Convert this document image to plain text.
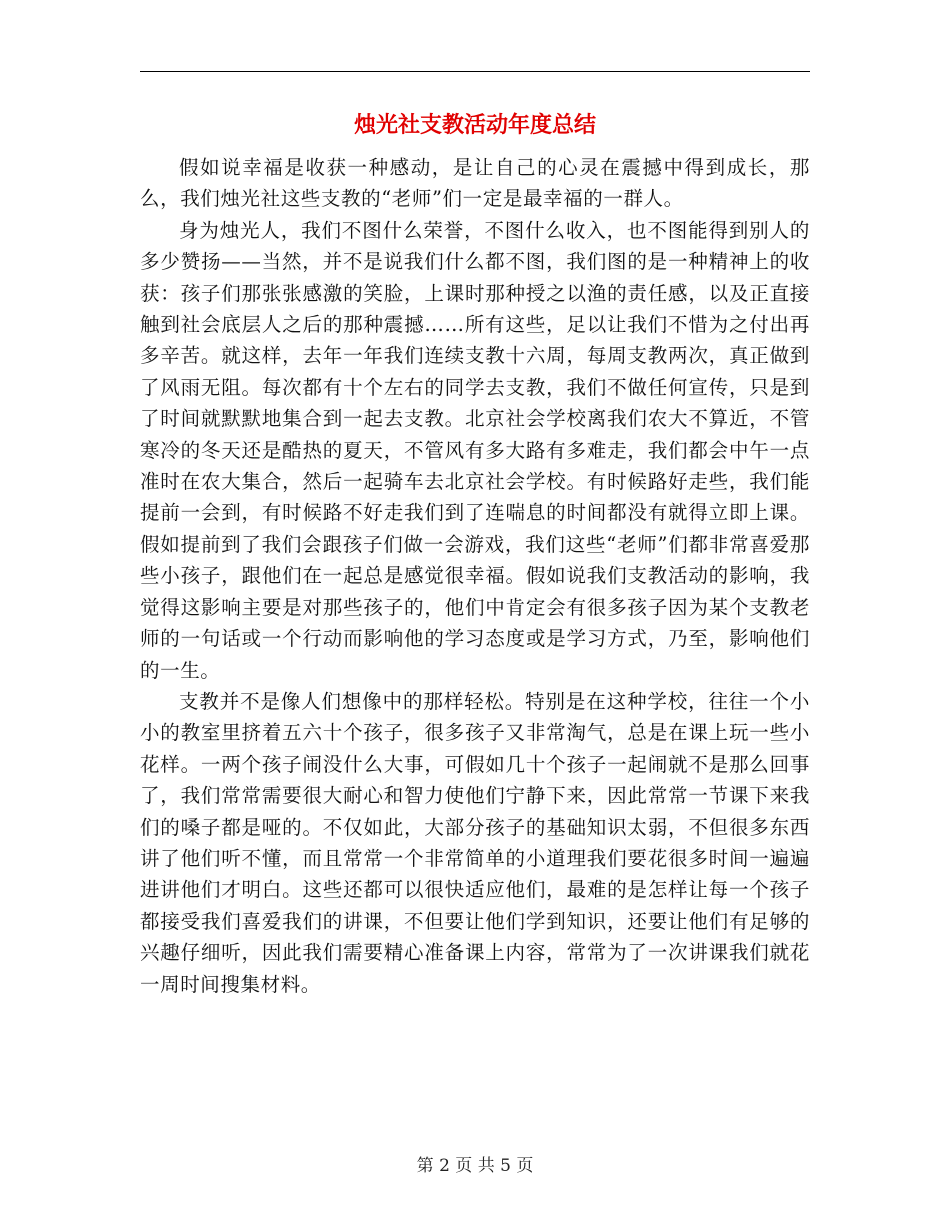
烛光社支教活动年度总结

假如说幸福是收获一种感动，是让自己的心灵在震撼中得到成长，那么，我们烛光社这些支教的“老师”们一定是最幸福的一群人。

身为烛光人，我们不图什么荣誉，不图什么收入，也不图能得到别人的多少赞扬——当然，并不是说我们什么都不图，我们图的是一种精神上的收获：孩子们那张张感激的笑脸，上课时那种授之以渔的责任感，以及正直接触到社会底层人之后的那种震撼……所有这些，足以让我们不惜为之付出再多辛苦。就这样，去年一年我们连续支教十六周，每周支教两次，真正做到了风雨无阻。每次都有十个左右的同学去支教，我们不做任何宣传，只是到了时间就默默地集合到一起去支教。北京社会学校离我们农大不算近，不管寒冷的冬天还是酷热的夏天，不管风有多大路有多难走，我们都会中午一点准时在农大集合，然后一起骑车去北京社会学校。有时候路好走些，我们能提前一会到，有时候路不好走我们到了连喘息的时间都没有就得立即上课。假如提前到了我们会跟孩子们做一会游戏，我们这些“老师”们都非常喜爱那些小孩子，跟他们在一起总是感觉很幸福。假如说我们支教活动的影响，我觉得这影响主要是对那些孩子的，他们中肯定会有很多孩子因为某个支教老师的一句话或一个行动而影响他的学习态度或是学习方式，乃至，影响他们的一生。

支教并不是像人们想像中的那样轻松。特别是在这种学校，往往一个小小的教室里挤着五六十个孩子，很多孩子又非常淘气，总是在课上玩一些小花样。一两个孩子闹没什么大事，可假如几十个孩子一起闹就不是那么回事了，我们常常需要很大耐心和智力使他们宁静下来，因此常常一节课下来我们的嗓子都是哑的。不仅如此，大部分孩子的基础知识太弱，不但很多东西讲了他们听不懂，而且常常一个非常简单的小道理我们要花很多时间一遍遍进讲他们才明白。这些还都可以很快适应他们，最难的是怎样让每一个孩子都接受我们喜爱我们的讲课，不但要让他们学到知识，还要让他们有足够的兴趣仔细听，因此我们需要精心准备课上内容，常常为了一次讲课我们就花一周时间搜集材料。

第 2 页 共 5 页
